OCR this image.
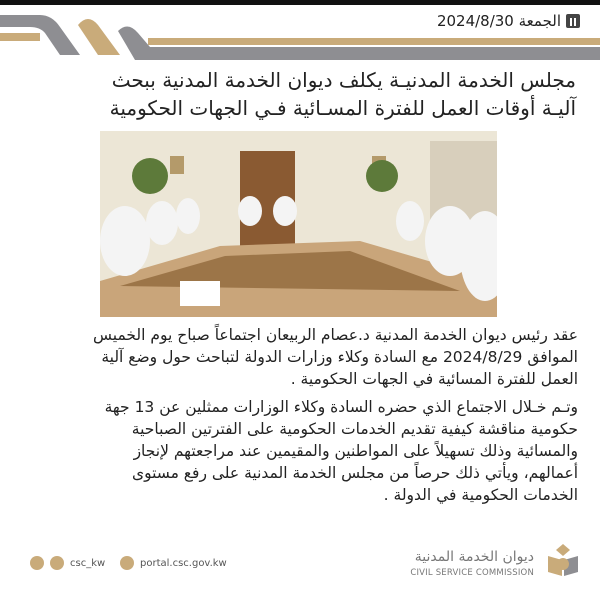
الجمعة 2024/8/30
مجلس الخدمة المدنيـة يكلف ديوان الخدمة المدنية ببحث
آليـة أوقات العمل للفترة المسـائية فـي الجهات الحكومية

عقد رئيس ديوان الخدمة المدنية د.عصام الربيعان اجتماعاً صباح يوم الخميس
الموافق 2024/8/29 مع السادة وكلاء وزارات الدولة لتباحث حول وضع آلية
العمل للفترة المسائية في الجهات الحكومية .

وتـم خـلال الاجتماع الذي حضره السادة وكلاء الوزارات ممثلين عن 13 جهة
حكومية مناقشة كيفية تقديم الخدمات الحكومية على الفترتين الصباحية
والمسائية وذلك تسهيلاً على المواطنين والمقيمين عند مراجعتهم لإنجاز
أعمالهم، ويأتي ذلك حرصاً من مجلس الخدمة المدنية على رفع مستوى
الخدمات الحكومية في الدولة .

csc_kw	portal.csc.gov.kw	ديوان الخدمة المدنية
CIVIL SERVICE COMMISSION
